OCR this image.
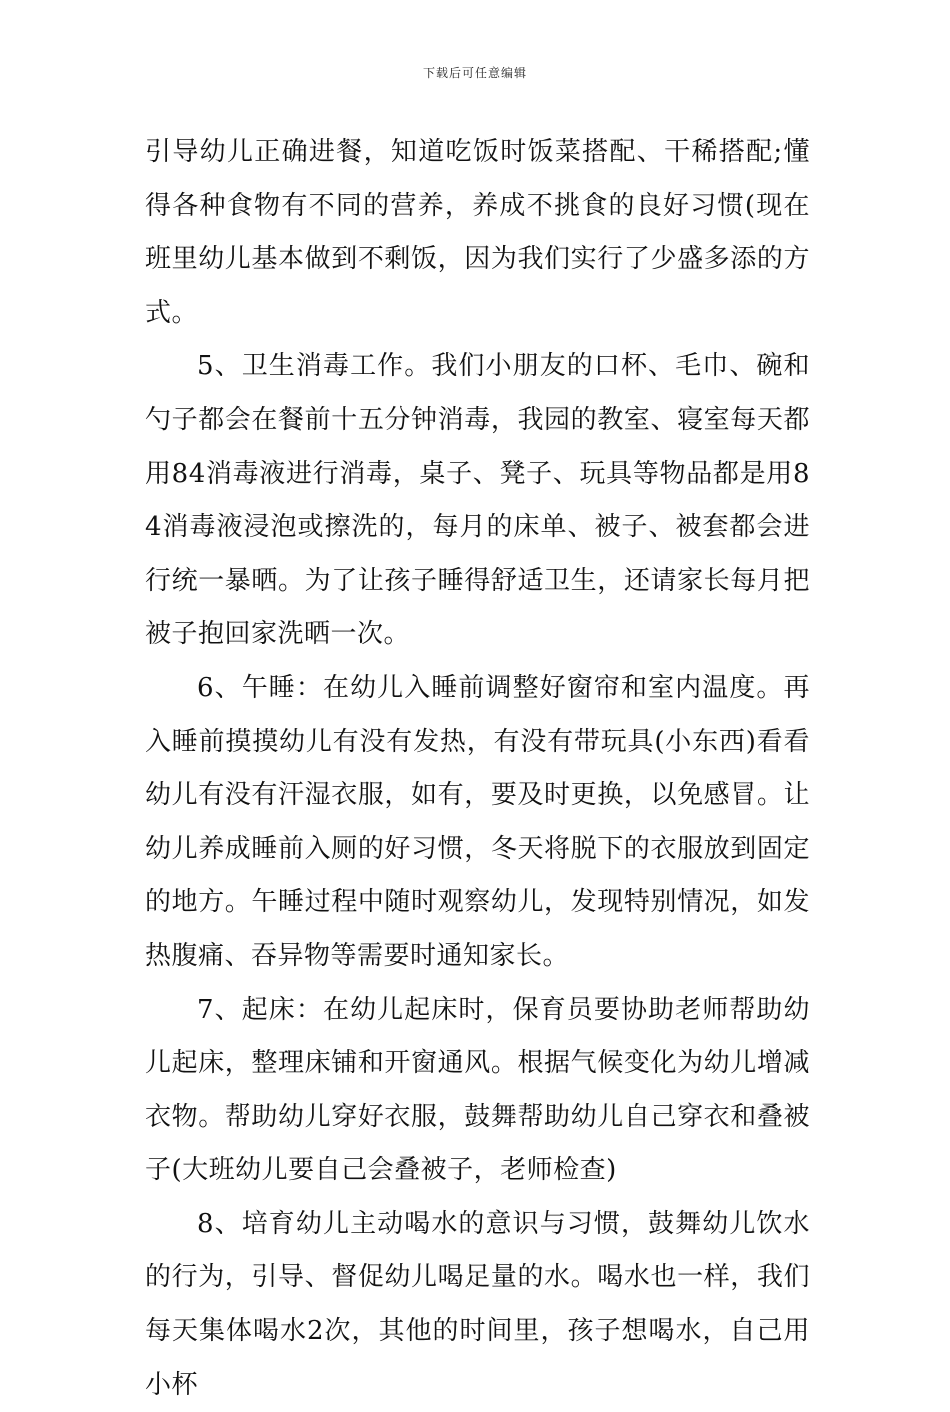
下载后可任意编辑

引导幼儿正确进餐，知道吃饭时饭菜搭配、干稀搭配;懂得各种食物有不同的营养，养成不挑食的良好习惯(现在班里幼儿基本做到不剩饭，因为我们实行了少盛多添的方式。

5、卫生消毒工作。我们小朋友的口杯、毛巾、碗和勺子都会在餐前十五分钟消毒，我园的教室、寝室每天都用84消毒液进行消毒，桌子、凳子、玩具等物品都是用84消毒液浸泡或擦洗的，每月的床单、被子、被套都会进行统一暴晒。为了让孩子睡得舒适卫生，还请家长每月把被子抱回家洗晒一次。

6、午睡：在幼儿入睡前调整好窗帘和室内温度。再入睡前摸摸幼儿有没有发热，有没有带玩具(小东西)看看幼儿有没有汗湿衣服，如有，要及时更换，以免感冒。让幼儿养成睡前入厕的好习惯，冬天将脱下的衣服放到固定的地方。午睡过程中随时观察幼儿，发现特别情况，如发热腹痛、吞异物等需要时通知家长。

7、起床：在幼儿起床时，保育员要协助老师帮助幼儿起床，整理床铺和开窗通风。根据气候变化为幼儿增减衣物。帮助幼儿穿好衣服，鼓舞帮助幼儿自己穿衣和叠被子(大班幼儿要自己会叠被子，老师检查)

8、培育幼儿主动喝水的意识与习惯，鼓舞幼儿饮水的行为，引导、督促幼儿喝足量的水。喝水也一样，我们每天集体喝水2次，其他的时间里，孩子想喝水，自己用小杯
